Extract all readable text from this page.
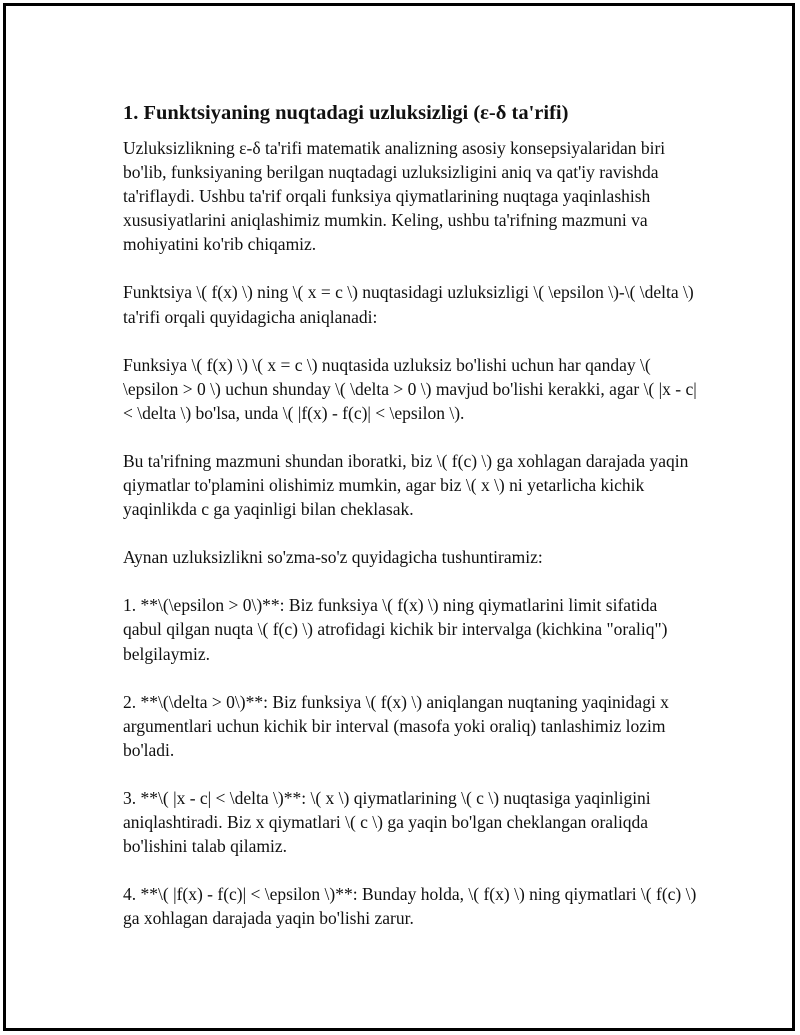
1. Funktsiyaning nuqtadagi uzluksizligi (ε-δ ta'rifi)

Uzluksizlikning ε-δ ta'rifi matematik analizning asosiy konsepsiyalaridan biri bo'lib, funksiyaning berilgan nuqtadagi uzluksizligini aniq va qat'iy ravishda ta'riflaydi. Ushbu ta'rif orqali funksiya qiymatlarining nuqtaga yaqinlashish xususiyatlarini aniqlashimiz mumkin. Keling, ushbu ta'rifning mazmuni va mohiyatini ko'rib chiqamiz.

Funktsiya \( f(x) \) ning \( x = c \) nuqtasidagi uzluksizligi \( \epsilon \)-\( \delta \) ta'rifi orqali quyidagicha aniqlanadi:

Funksiya \( f(x) \) \( x = c \) nuqtasida uzluksiz bo'lishi uchun har qanday \( \epsilon > 0 \) uchun shunday \( \delta > 0 \) mavjud bo'lishi kerakki, agar \( |x - c| < \delta \) bo'lsa, unda \( |f(x) - f(c)| < \epsilon \).

Bu ta'rifning mazmuni shundan iboratki, biz \( f(c) \) ga xohlagan darajada yaqin qiymatlar to'plamini olishimiz mumkin, agar biz \( x \) ni yetarlicha kichik yaqinlikda c ga yaqinligi bilan cheklasak.

Aynan uzluksizlikni so'zma-so'z quyidagicha tushuntiramiz:

1. **\(\epsilon > 0\)**: Biz funksiya \( f(x) \) ning qiymatlarini limit sifatida qabul qilgan nuqta \( f(c) \) atrofidagi kichik bir intervalga (kichkina "oraliq") belgilaymiz.

2. **\(\delta > 0\)**: Biz funksiya \( f(x) \) aniqlangan nuqtaning yaqinidagi x argumentlari uchun kichik bir interval (masofa yoki oraliq) tanlashimiz lozim bo'ladi.

3. **\( |x - c| < \delta \)**: \( x \) qiymatlarining \( c \) nuqtasiga yaqinligini aniqlashtiradi. Biz x qiymatlari \( c \) ga yaqin bo'lgan cheklangan oraliqda bo'lishini talab qilamiz.

4. **\( |f(x) - f(c)| < \epsilon \)**: Bunday holda, \( f(x) \) ning qiymatlari \( f(c) \) ga xohlagan darajada yaqin bo'lishi zarur.
